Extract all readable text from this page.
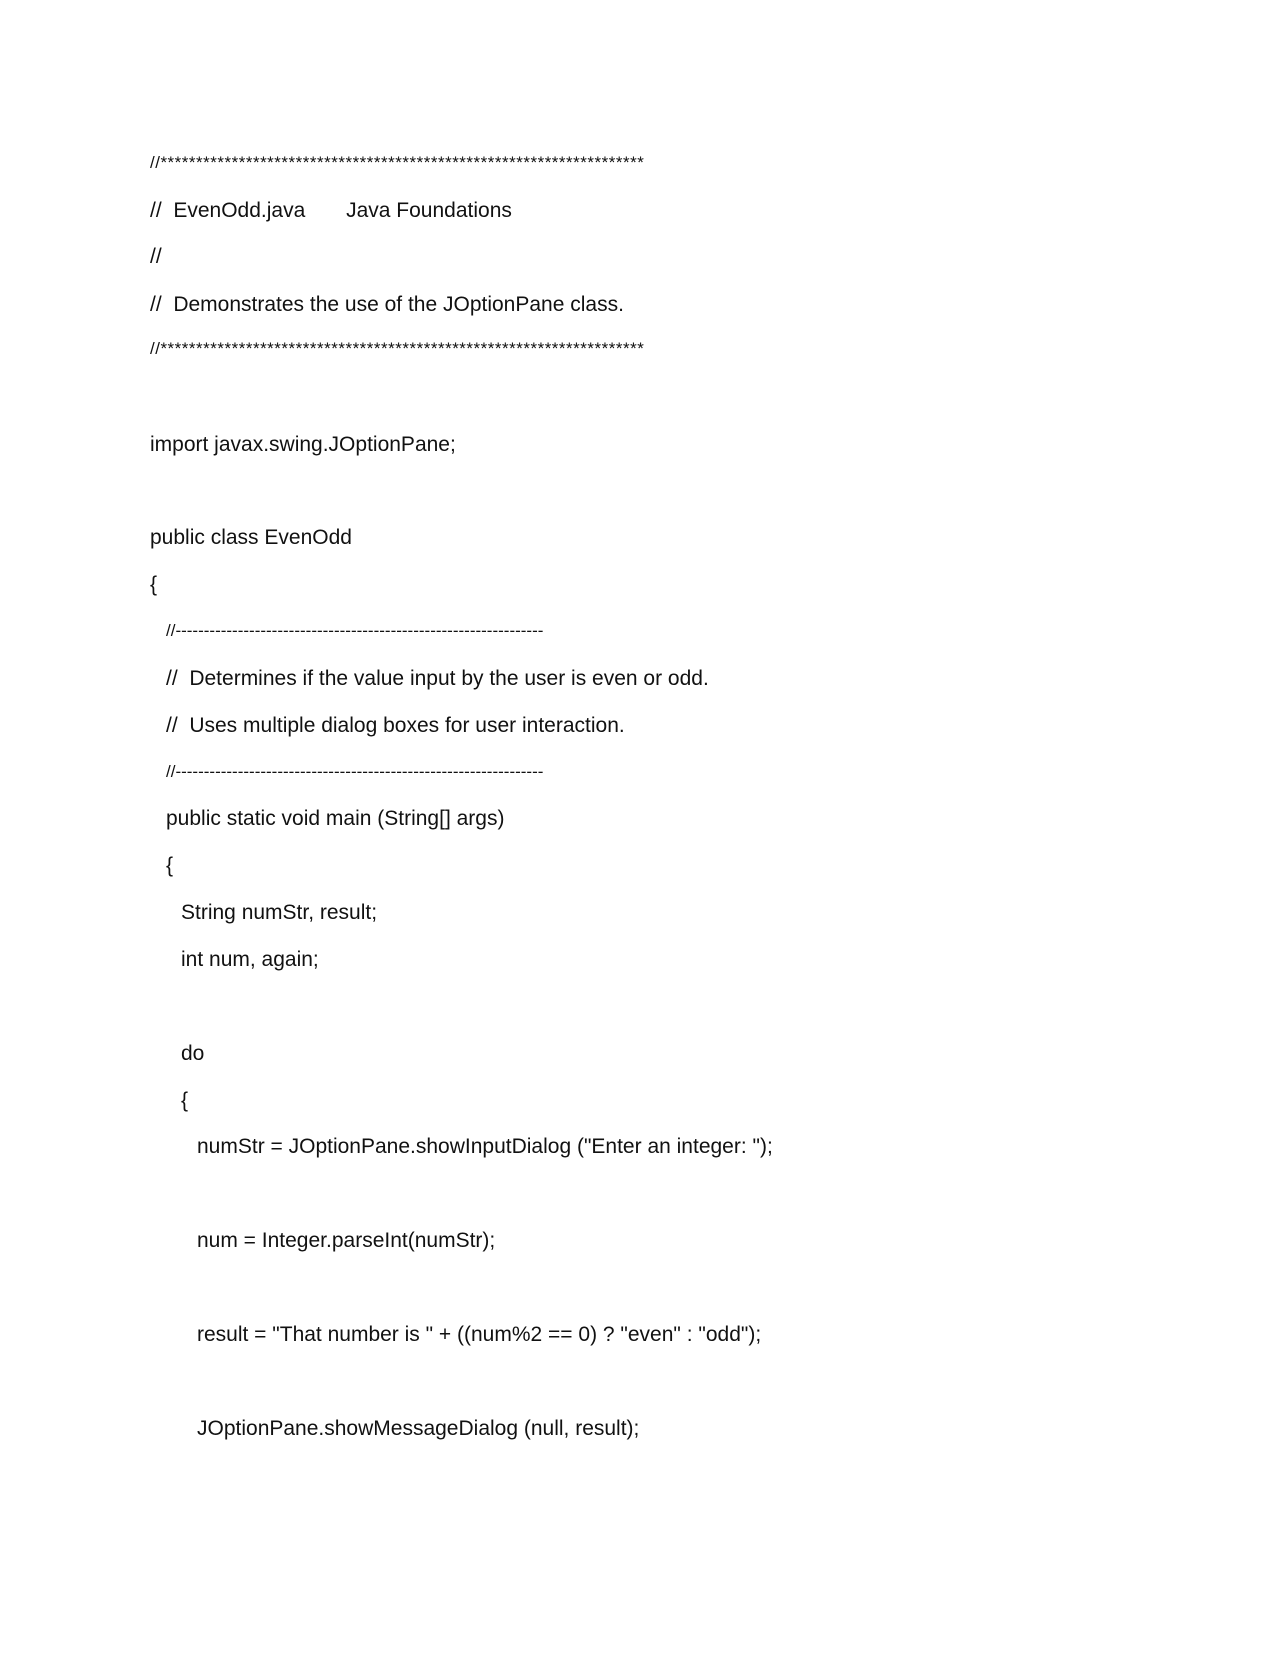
//********************************************************************
//  EvenOdd.java       Java Foundations
//
//  Demonstrates the use of the JOptionPane class.
//********************************************************************
import javax.swing.JOptionPane;
public class EvenOdd
{
//-----------------------------------------------------------------
//  Determines if the value input by the user is even or odd.
//  Uses multiple dialog boxes for user interaction.
//-----------------------------------------------------------------
public static void main (String[] args)
{
String numStr, result;
int num, again;
do
{
numStr = JOptionPane.showInputDialog ("Enter an integer: ");
num = Integer.parseInt(numStr);
result = "That number is " + ((num%2 == 0) ? "even" : "odd");
JOptionPane.showMessageDialog (null, result);
